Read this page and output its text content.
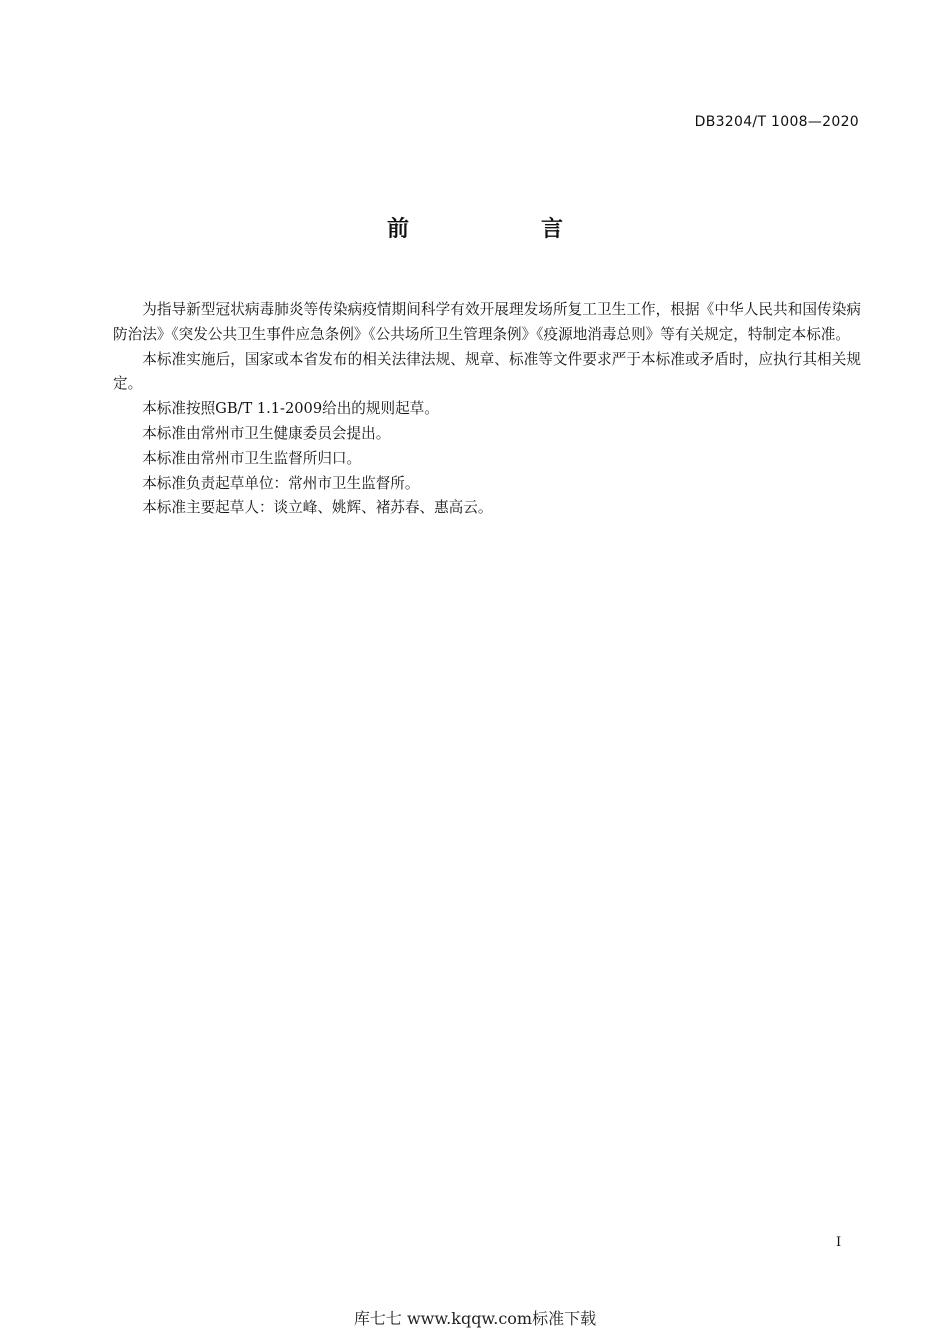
DB3204/T 1008—2020
前　言

为指导新型冠状病毒肺炎等传染病疫情期间科学有效开展理发场所复工卫生工作，根据《中华人民共和国传染病防治法》《突发公共卫生事件应急条例》《公共场所卫生管理条例》《疫源地消毒总则》等有关规定，特制定本标准。

本标准实施后，国家或本省发布的相关法律法规、规章、标准等文件要求严于本标准或矛盾时，应执行其相关规定。

本标准按照GB/T 1.1-2009给出的规则起草。

本标准由常州市卫生健康委员会提出。

本标准由常州市卫生监督所归口。

本标准负责起草单位：常州市卫生监督所。

本标准主要起草人：谈立峰、姚辉、褚苏春、惠高云。

I
库七七 www.kqqw.com标准下载
